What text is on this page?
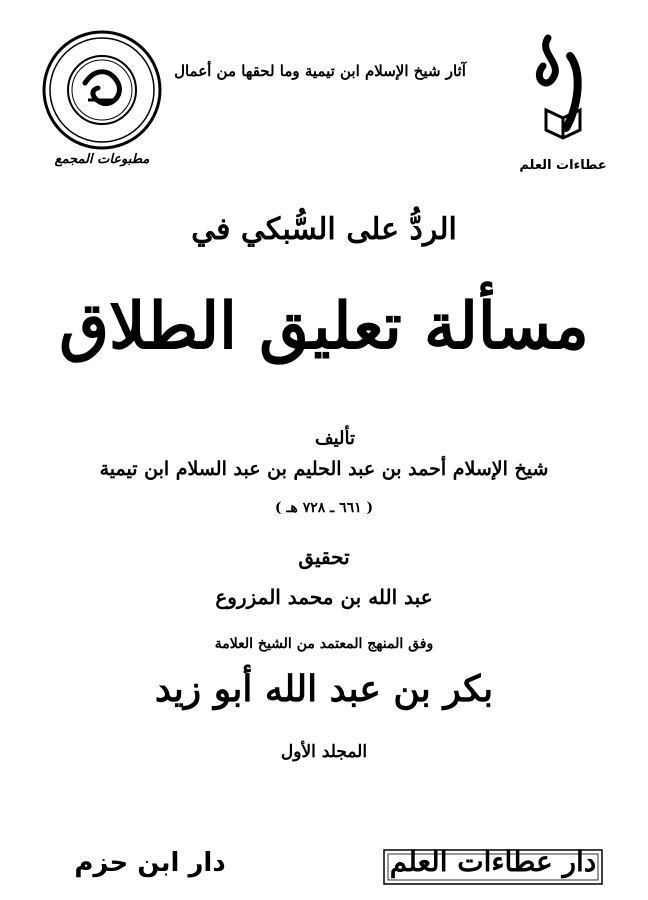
عطاءات العلم
آثار شيخ الإسلام ابن تيمية وما لحقها من أعمال
مطبوعات المجمع
الردُّ على السُّبكي في
مسألة تعليق الطلاق
تأليف
شيخ الإسلام أحمد بن عبد الحليم بن عبد السلام ابن تيمية
( ٦٦١ ـ ٧٢٨ هـ )
تحقيق
عبد الله بن محمد المزروع
وفق المنهج المعتمد من الشيخ العلامة
بكر بن عبد الله أبو زيد
المجلد الأول
دار ابن حزم	دار عطاءات العلم
